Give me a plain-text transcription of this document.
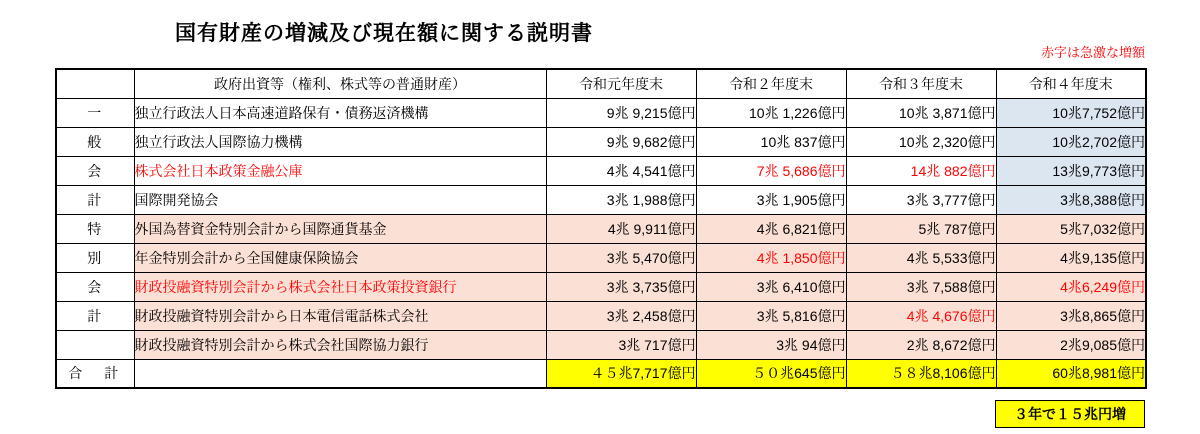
国有財産の増減及び現在額に関する説明書
赤字は急激な増額
	政府出資等（権利、株式等の普通財産）	令和元年度末	令和２年度末	令和３年度末	令和４年度末
一	独立行政法人日本高速道路保有・債務返済機構	9兆 9,215億円	10兆 1,226億円	10兆 3,871億円	10兆7,752億円
般	独立行政法人国際協力機構	9兆 9,682億円	10兆 837億円	10兆 2,320億円	10兆2,702億円
会	株式会社日本政策金融公庫	4兆 4,541億円	7兆 5,686億円	14兆 882億円	13兆9,773億円
計	国際開発協会	3兆 1,988億円	3兆 1,905億円	3兆 3,777億円	3兆8,388億円
特	外国為替資金特別会計から国際通貨基金	4兆 9,911億円	4兆 6,821億円	5兆 787億円	5兆7,032億円
別	年金特別会計から全国健康保険協会	3兆 5,470億円	4兆 1,850億円	4兆 5,533億円	4兆9,135億円
会	財政投融資特別会計から株式会社日本政策投資銀行	3兆 3,735億円	3兆 6,410億円	3兆 7,588億円	4兆6,249億円
計	財政投融資特別会計から日本電信電話株式会社	3兆 2,458億円	3兆 5,816億円	4兆 4,676億円	3兆8,865億円
	財政投融資特別会計から株式会社国際協力銀行	3兆 717億円	3兆 94億円	2兆 8,672億円	2兆9,085億円
合　計		４５兆7,717億円	５０兆645億円	５８兆8,106億円	60兆8,981億円
３年で１５兆円増
